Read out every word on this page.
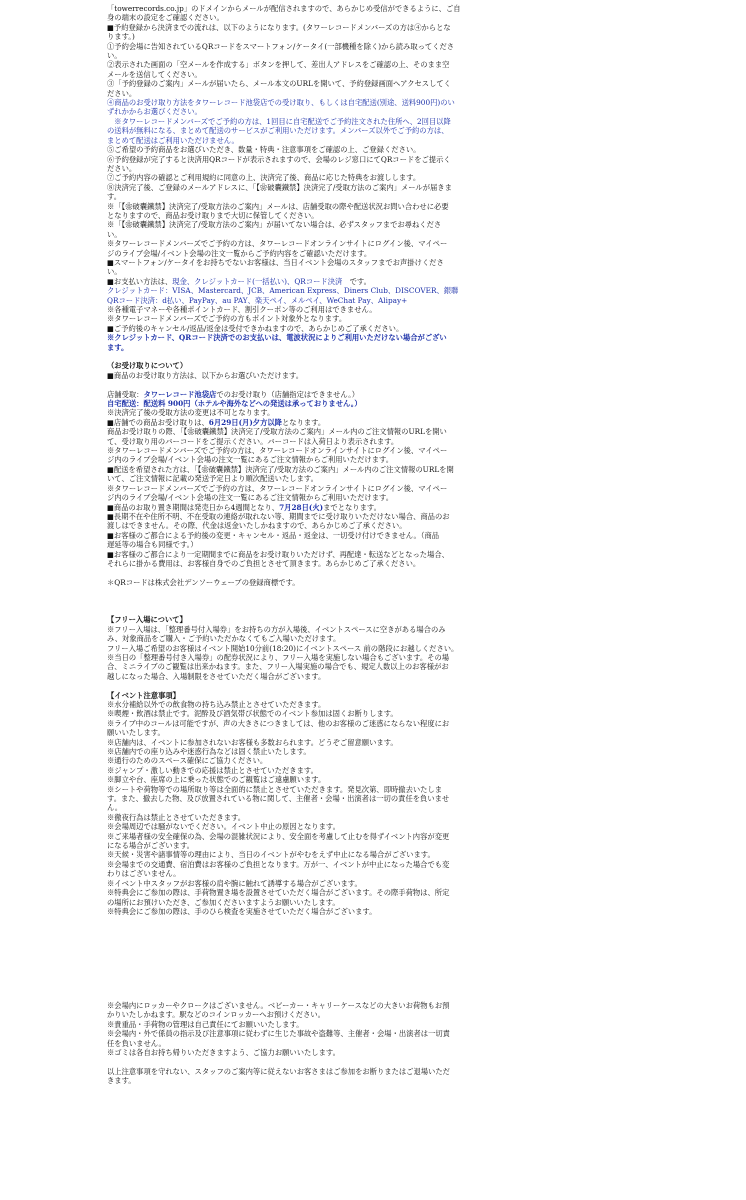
「towerrecords.co.jp」のドメインからメールが配信されますので、あらかじめ受信ができるように、ご自
身の端末の設定をご確認ください。
■予約登録から決済までの流れは、以下のようになります。(タワーレコードメンバーズの方は④からとな
ります。)
①予約会場に告知されているQRコードをスマートフォン/ケータイ(一部機種を除く)から読み取ってくださ
い。
②表示された画面の「空メールを作成する」ボタンを押して、差出人アドレスをご確認の上、そのまま空
メールを送信してください。
③「予約登録のご案内」メールが届いたら、メール本文のURLを開いて、予約登録画面へアクセスしてく
ださい。
④商品のお受け取り方法をタワーレコード池袋店での受け取り、もしくは自宅配送(別途、送料900円)のい
ずれかからお選びください。
　※タワーレコードメンバーズでご予約の方は、1回目に自宅配送でご予約注文された住所へ、2回目以降
の送料が無料になる、まとめて配送のサービスがご利用いただけます。メンバーズ以外でご予約の方は、
まとめて配送はご利用いただけません。
⑤ご希望の予約商品をお選びいただき、数量・特典・注意事項をご確認の上、ご登録ください。
⑥予約登録が完了すると決済用QRコードが表示されますので、会場のレジ窓口にてQRコードをご提示く
ださい。
⑦ご予約内容の確認とご利用規約に同意の上、決済完了後、商品に応じた特典をお渡しします。
⑧決済完了後、ご登録のメールアドレスに、「【❀破囊鐵禁】決済完了/受取方法のご案内」メールが届きま
す。
※「【❀破囊鐵禁】決済完了/受取方法のご案内」メールは、店舗受取の際や配送状況お問い合わせに必要
となりますので、商品お受け取りまで大切に保管してください。
※「【❀破囊鐵禁】決済完了/受取方法のご案内」が届いてない場合は、必ずスタッフまでお尋ねくださ
い。
※タワーレコードメンバーズでご予約の方は、タワーレコードオンラインサイトにログイン後、マイペー
ジのライブ会場/イベント会場の注文一覧からご予約内容をご確認いただけます。
■スマートフォン/ケータイをお持ちでないお客様は、当日イベント会場のスタッフまでお声掛けくださ
い。
■お支払い方法は、現金、クレジットカード(一括払い)、QRコード決済　です。
クレジットカード：VISA、Mastercard、JCB、American Express、Diners Club、DISCOVER、銀聯
QRコード決済：d払い、PayPay、au PAY、楽天ペイ、メルペイ、WeChat Pay、Alipay+
※各種電子マネーや各種ポイントカード、割引クーポン等のご利用はできません。
※タワーレコードメンバーズでご予約の方もポイント対象外となります。
■ご予約後のキャンセル/返品/返金は受付できかねますので、あらかじめご了承ください。
※クレジットカード、QRコード決済でのお支払いは、電波状況によりご利用いただけない場合がござい
ます。
（お受け取りについて）
■商品のお受け取り方法は、以下からお選びいただけます。
店舗受取：タワーレコード池袋店でのお受け取り（店舗指定はできません。）
自宅配送：配送料 900円（ホテルや海外などへの発送は承っておりません。）
※決済完了後の受取方法の変更は不可となります。
■店舗での商品お受け取りは、6月29日(月)夕方以降となります。
商品お受け取りの際、「【❀破囊鐵禁】決済完了/受取方法のご案内」メール内のご注文情報のURLを開い
て、受け取り用のバーコードをご提示ください。バーコードは入荷日より表示されます。
※タワーレコードメンバーズでご予約の方は、タワーレコードオンラインサイトにログイン後、マイペー
ジ内のライブ会場/イベント会場の注文一覧にあるご注文情報からご利用いただけます。
■配送を希望された方は、「【❀破囊鐵禁】決済完了/受取方法のご案内」メール内のご注文情報のURLを開
いて、ご注文情報に記載の発送予定日より順次配送いたします。
※タワーレコードメンバーズでご予約の方は、タワーレコードオンラインサイトにログイン後、マイペー
ジ内のライブ会場/イベント会場の注文一覧にあるご注文情報からご利用いただけます。
■商品のお取り置き期間は発売日から4週間となり、7月28日(火)までとなります。
■長期不在や住所不明、不在受取の連絡が取れない等、期間までに受け取りいただけない場合、商品のお
渡しはできません。その際、代金は返金いたしかねますので、あらかじめご了承ください。
■お客様のご都合による予約後の変更・キャンセル・返品・返金は、一切受け付けできません。（商品
遅延等の場合も同様です。）
■お客様のご都合により一定期間までに商品をお受け取りいただけず、再配達・転送などとなった場合、
それらに掛かる費用は、お客様自身でのご負担とさせて頂きます。あらかじめご了承ください。
＊QRコードは株式会社デンソーウェーブの登録商標です。
【フリー入場について】
※フリー入場は、「整理番号付入場券」をお持ちの方が入場後、イベントスペースに空きがある場合のみ
み、対象商品をご購入・ご予約いただかなくてもご入場いただけます。
フリー入場ご希望のお客様はイベント開始10分前(18:20)にイベントスペース 前の階段にお越しください。
※当日の「整理番号付き入場券」の配券状況により、フリー入場を実施しない場合もございます。その場
合、ミニライブのご観覧は出来かねます。また、フリー入場実施の場合でも、規定人数以上のお客様がお
越しになった場合、入場制限をさせていただく場合がございます。
【イベント注意事項】
※水分補給以外での飲食物の持ち込み禁止とさせていただきます。
※喫煙・飲酒は禁止です。泥酔及び酒気帯び状態でのイベント参加は固くお断りします。
※ライブ中のコールは可能ですが、声の大きさにつきましては、他のお客様のご迷惑にならない程度にお
願いいたします。
※店舗内は、イベントに参加されないお客様も多数おられます。どうぞご留意願います。
※店舗内での座り込みや迷惑行為などは固く禁止いたします。
※通行のためのスペース確保にご協力ください。
※ジャンプ・激しい動きでの応援は禁止とさせていただきます。
※脚立や台、座席の上に乗った状態でのご観覧はご遠慮願います。
※シートや荷物等での場所取り等は全面的に禁止とさせていただきます。発見次第、即時撤去いたしま
す。また、撤去した物、及び放置されている物に関して、主催者・会場・出演者は一切の責任を負いませ
ん。
※徹夜行為は禁止とさせていただきます。
※会場周辺では騒がないでください。イベント中止の原因となります。
※ご来場者様の安全確保の為、会場の混雑状況により、安全面を考慮して止むを得ずイベント内容が変更
になる場合がございます。
※天候・災害や諸事情等の理由により、当日のイベントがやむをえず中止になる場合がございます。
※会場までの交通費、宿泊費はお客様のご負担となります。万が一、イベントが中止になった場合でも変
わりはございません。
※イベント中スタッフがお客様の肩や腕に触れて誘導する場合がございます。
※特典会にご参加の際は、手荷物置き場を設置させていただく場合がございます。その際手荷物は、所定
の場所にお預けいただき、ご参加くださいますようお願いいたします。
※特典会にご参加の際は、手のひら検査を実施させていただく場合がございます。
※会場内にロッカーやクロークはございません。ベビーカー・キャリーケースなどの大きいお荷物もお預
かりいたしかねます。駅などのコインロッカーへお預けください。
※貴重品・手荷物の管理は自己責任にてお願いいたします。
※会場内・外で係員の指示及び注意事項に従わずに生じた事故や盗難等、主催者・会場・出演者は一切責
任を負いません。
※ゴミは各自お持ち帰りいただきますよう、ご協力お願いいたします。
以上注意事項を守れない、スタッフのご案内等に従えないお客さまはご参加をお断りまたはご退場いただ
きます。
